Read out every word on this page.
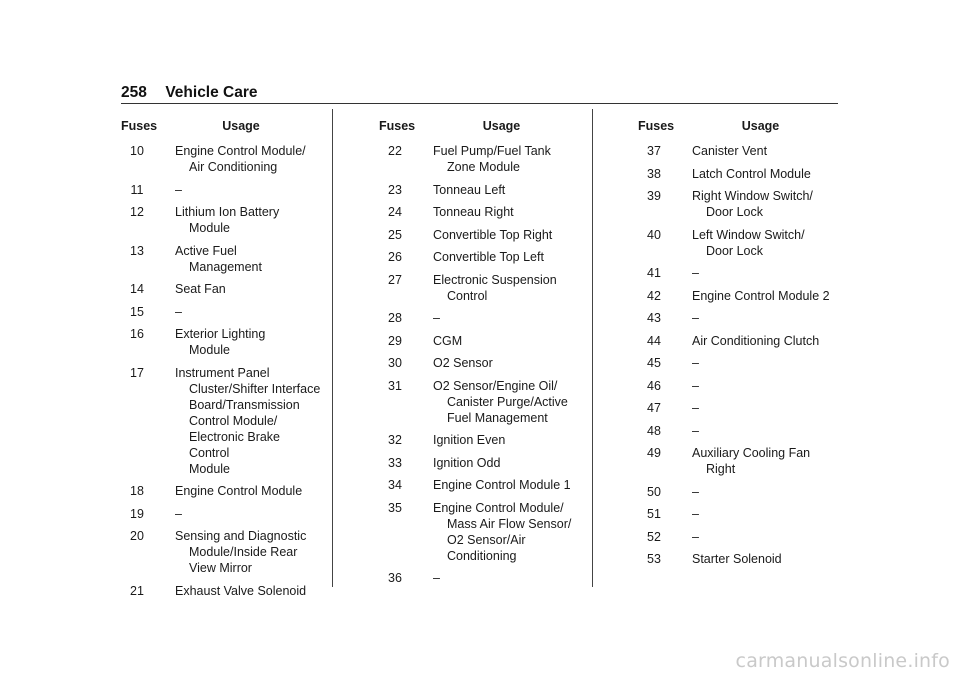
258 Vehicle Care
Fuses	Usage
10	Engine Control Module/
Air Conditioning
11	–
12	Lithium Ion Battery
Module
13	Active Fuel
Management
14	Seat Fan
15	–
16	Exterior Lighting
Module
17	Instrument Panel
Cluster/Shifter Interface
Board/Transmission
Control Module/
Electronic Brake Control
Module
18	Engine Control Module
19	–
20	Sensing and Diagnostic
Module/Inside Rear
View Mirror
21	Exhaust Valve Solenoid
Fuses	Usage
22	Fuel Pump/Fuel Tank
Zone Module
23	Tonneau Left
24	Tonneau Right
25	Convertible Top Right
26	Convertible Top Left
27	Electronic Suspension
Control
28	–
29	CGM
30	O2 Sensor
31	O2 Sensor/Engine Oil/
Canister Purge/Active
Fuel Management
32	Ignition Even
33	Ignition Odd
34	Engine Control Module 1
35	Engine Control Module/
Mass Air Flow Sensor/
O2 Sensor/Air
Conditioning
36	–
Fuses	Usage
37	Canister Vent
38	Latch Control Module
39	Right Window Switch/
Door Lock
40	Left Window Switch/
Door Lock
41	–
42	Engine Control Module 2
43	–
44	Air Conditioning Clutch
45	–
46	–
47	–
48	–
49	Auxiliary Cooling Fan
Right
50	–
51	–
52	–
53	Starter Solenoid
carmanualsonline.info
